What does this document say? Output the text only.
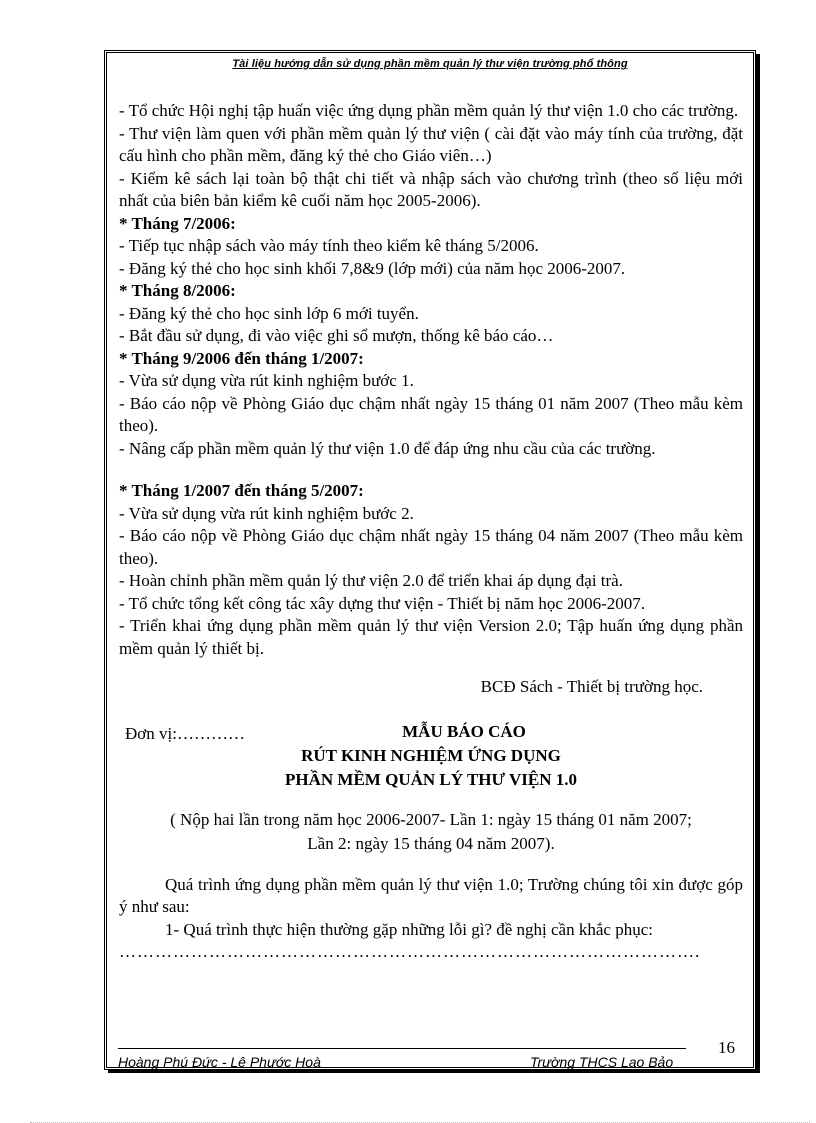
Tài liệu hướng dẫn sử dụng phần mềm quản lý thư viện trường phổ thông

- Tổ chức Hội nghị tập huấn việc ứng dụng phần mềm quản lý thư viện 1.0 cho các trường.

- Thư viện làm quen với phần mềm quản lý thư viện ( cài đặt vào máy tính của trường, đặt cấu hình cho phần mềm, đăng ký thẻ cho Giáo viên…)

- Kiểm kê sách lại toàn bộ thật chi tiết và nhập sách vào chương trình (theo số liệu mới nhất của biên bản kiểm kê cuối năm học 2005-2006).

* Tháng 7/2006:

- Tiếp tục nhập sách vào máy tính theo kiểm kê tháng 5/2006.

- Đăng ký thẻ cho học sinh khối 7,8&9 (lớp mới) của năm học 2006-2007.

* Tháng 8/2006:

- Đăng ký thẻ cho học sinh lớp 6 mới tuyển.

- Bắt đầu sử dụng, đi vào việc ghi sổ mượn, thống kê báo cáo…

* Tháng 9/2006 đến tháng 1/2007:

- Vừa sử dụng vừa rút kinh nghiệm bước 1.

- Báo cáo nộp về Phòng Giáo dục chậm nhất ngày 15 tháng 01 năm 2007 (Theo mẫu kèm theo).

- Nâng cấp phần mềm quản lý thư viện 1.0 để đáp ứng nhu cầu của các trường.

* Tháng 1/2007 đến tháng 5/2007:

- Vừa sử dụng vừa rút kinh nghiệm bước 2.

- Báo cáo nộp về Phòng Giáo dục chậm nhất ngày 15 tháng 04 năm 2007 (Theo mẫu kèm theo).

- Hoàn chỉnh phần mềm quản lý thư viện 2.0 để triển khai áp dụng đại trà.

- Tổ chức tổng kết công tác xây dựng thư viện - Thiết bị năm học 2006-2007.

- Triển khai ứng dụng phần mềm quản lý thư viện Version 2.0; Tập huấn ứng dụng phần mềm quản lý thiết bị.

BCĐ Sách - Thiết bị trường học.

Đơn vị:…………	MẪU BÁO CÁO
RÚT KINH NGHIỆM ỨNG DỤNG
PHẦN MỀM QUẢN LÝ THƯ VIỆN 1.0

( Nộp hai lần trong năm học 2006-2007- Lần 1: ngày 15 tháng 01 năm 2007;
Lần 2: ngày 15 tháng 04 năm 2007).

Quá trình ứng dụng phần mềm quản lý thư viện 1.0; Trường chúng tôi xin được góp ý như sau:

1- Quá trình thực hiện thường gặp những lỗi gì? đề nghị cần khắc phục:

…………………………………………………………………………………….

16
Hoàng Phú Đức - Lê Phước Hoà	Trường THCS Lao Bảo
